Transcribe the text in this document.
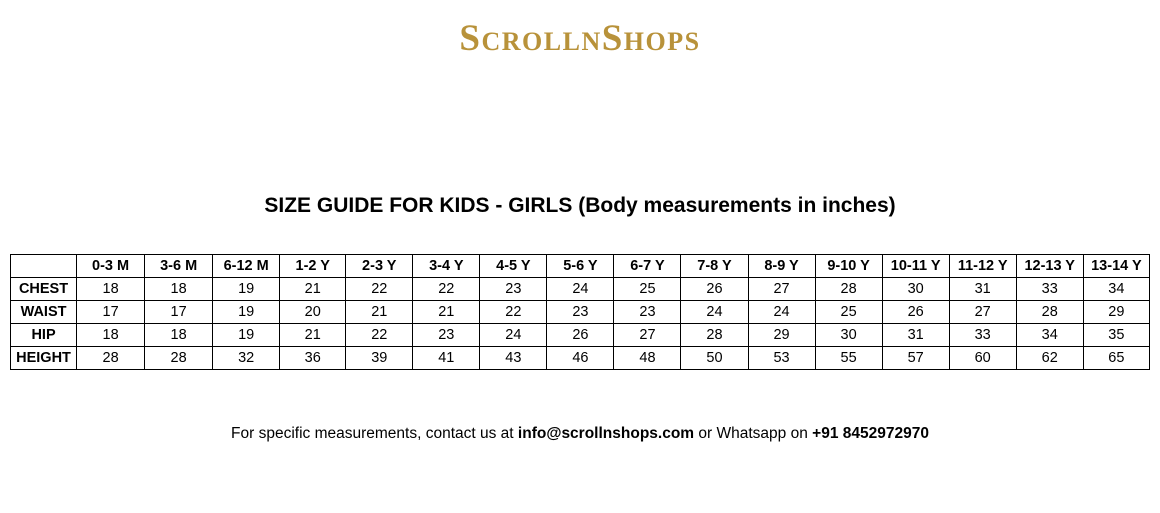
ScrollnShops
SIZE GUIDE FOR KIDS - GIRLS (Body measurements in inches)
	0-3 M	3-6 M	6-12 M	1-2 Y	2-3 Y	3-4 Y	4-5 Y	5-6 Y	6-7 Y	7-8 Y	8-9 Y	9-10 Y	10-11 Y	11-12 Y	12-13 Y	13-14 Y
CHEST	18	18	19	21	22	22	23	24	25	26	27	28	30	31	33	34
WAIST	17	17	19	20	21	21	22	23	23	24	24	25	26	27	28	29
HIP	18	18	19	21	22	23	24	26	27	28	29	30	31	33	34	35
HEIGHT	28	28	32	36	39	41	43	46	48	50	53	55	57	60	62	65

For specific measurements, contact us at info@scrollnshops.com or Whatsapp on +91 8452972970
